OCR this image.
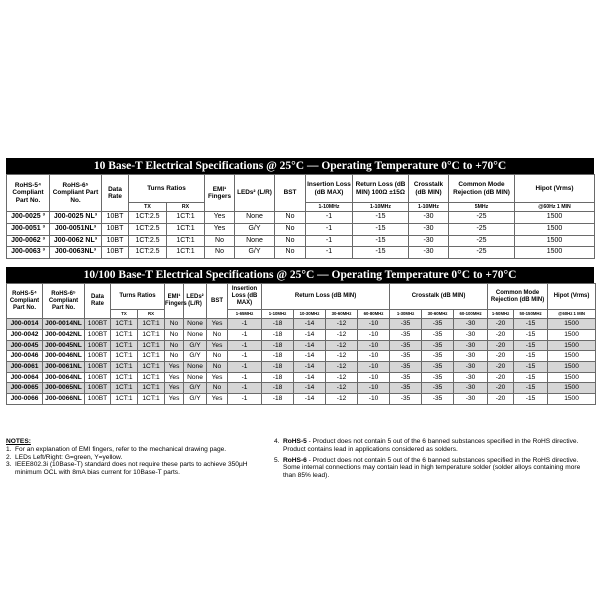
10 Base-T Electrical Specifications @ 25°C — Operating Temperature 0°C to +70°C
RoHS-5⁴ Compliant Part No.	RoHS-6⁵ Compliant Part No.	Data Rate	Turns Ratios		EMI¹ Fingers	LEDs² (L/R)	BST	Insertion Loss (dB MAX)	Return Loss (dB MIN) 100Ω ±15Ω	Crosstalk (dB MIN)	Common Mode Rejection (dB MIN)	Hipot (Vrms)
			TX	RX				1-10MHz	1-10MHz	1-10MHz	5MHz	@60Hz 1 MIN
J00-0025 ³	J00-0025 NL³	10BT	1CT:2.5	1CT:1	Yes	None	No	-1	-15	-30	-25	1500
J00-0051 ³	J00-0051NL³	10BT	1CT:2.5	1CT:1	Yes	G/Y	No	-1	-15	-30	-25	1500
J00-0062 ³	J00-0062 NL³	10BT	1CT:2.5	1CT:1	No	None	No	-1	-15	-30	-25	1500
J00-0063 ³	J00-0063NL³	10BT	1CT:2.5	1CT:1	No	G/Y	No	-1	-15	-30	-25	1500
10/100 Base-T Electrical Specifications @ 25°C — Operating Temperature 0°C to +70°C
RoHS-5⁴ Compliant Part No.	RoHS-6⁵ Compliant Part No.	Data Rate	Turns Ratios		EMI¹ Fingers	LEDs² (L/R)	BST	Insertion Loss (dB MAX)	Return Loss (dB MIN)				Crosstalk (dB MIN)			Common Mode Rejection (dB MIN)		Hipot (Vrms)
			TX	RX				1-65MHz	1-10MHz	10-30MHz	30-60MHz	60-80MHz	1-30MHz	30-60MHz	60-100MHz	1-50MHz	50-150MHz	@60Hz 1 MIN
J00-0014	J00-0014NL	100BT	1CT:1	1CT:1	No	None	Yes	-1	-18	-14	-12	-10	-35	-35	-30	-20	-15	1500
J00-0042	J00-0042NL	100BT	1CT:1	1CT:1	No	None	No	-1	-18	-14	-12	-10	-35	-35	-30	-20	-15	1500
J00-0045	J00-0045NL	100BT	1CT:1	1CT:1	No	G/Y	Yes	-1	-18	-14	-12	-10	-35	-35	-30	-20	-15	1500
J00-0046	J00-0046NL	100BT	1CT:1	1CT:1	No	G/Y	No	-1	-18	-14	-12	-10	-35	-35	-30	-20	-15	1500
J00-0061	J00-0061NL	100BT	1CT:1	1CT:1	Yes	None	No	-1	-18	-14	-12	-10	-35	-35	-30	-20	-15	1500
J00-0064	J00-0064NL	100BT	1CT:1	1CT:1	Yes	None	Yes	-1	-18	-14	-12	-10	-35	-35	-30	-20	-15	1500
J00-0065	J00-0065NL	100BT	1CT:1	1CT:1	Yes	G/Y	No	-1	-18	-14	-12	-10	-35	-35	-30	-20	-15	1500
J00-0066	J00-0066NL	100BT	1CT:1	1CT:1	Yes	G/Y	Yes	-1	-18	-14	-12	-10	-35	-35	-30	-20	-15	1500
NOTES:
1. For an explanation of EMI fingers, refer to the mechanical drawing page.
2. LEDs Left/Right: G=green, Y=yellow.
3. IEEE802.3i (10Base-T) standard does not require these parts to achieve 350µH minimum OCL with 8mA bias current for 10Base-T parts.
4. RoHS-5 - Product does not contain 5 out of the 6 banned substances specified in the RoHS directive. Product contains lead in applications considered as solders.
5. RoHS-6 - Product does not contain 5 out of the 6 banned substances specified in the RoHS directive. Some internal connections may contain lead in high temperature solder (solder alloys containing more than 85% lead).
